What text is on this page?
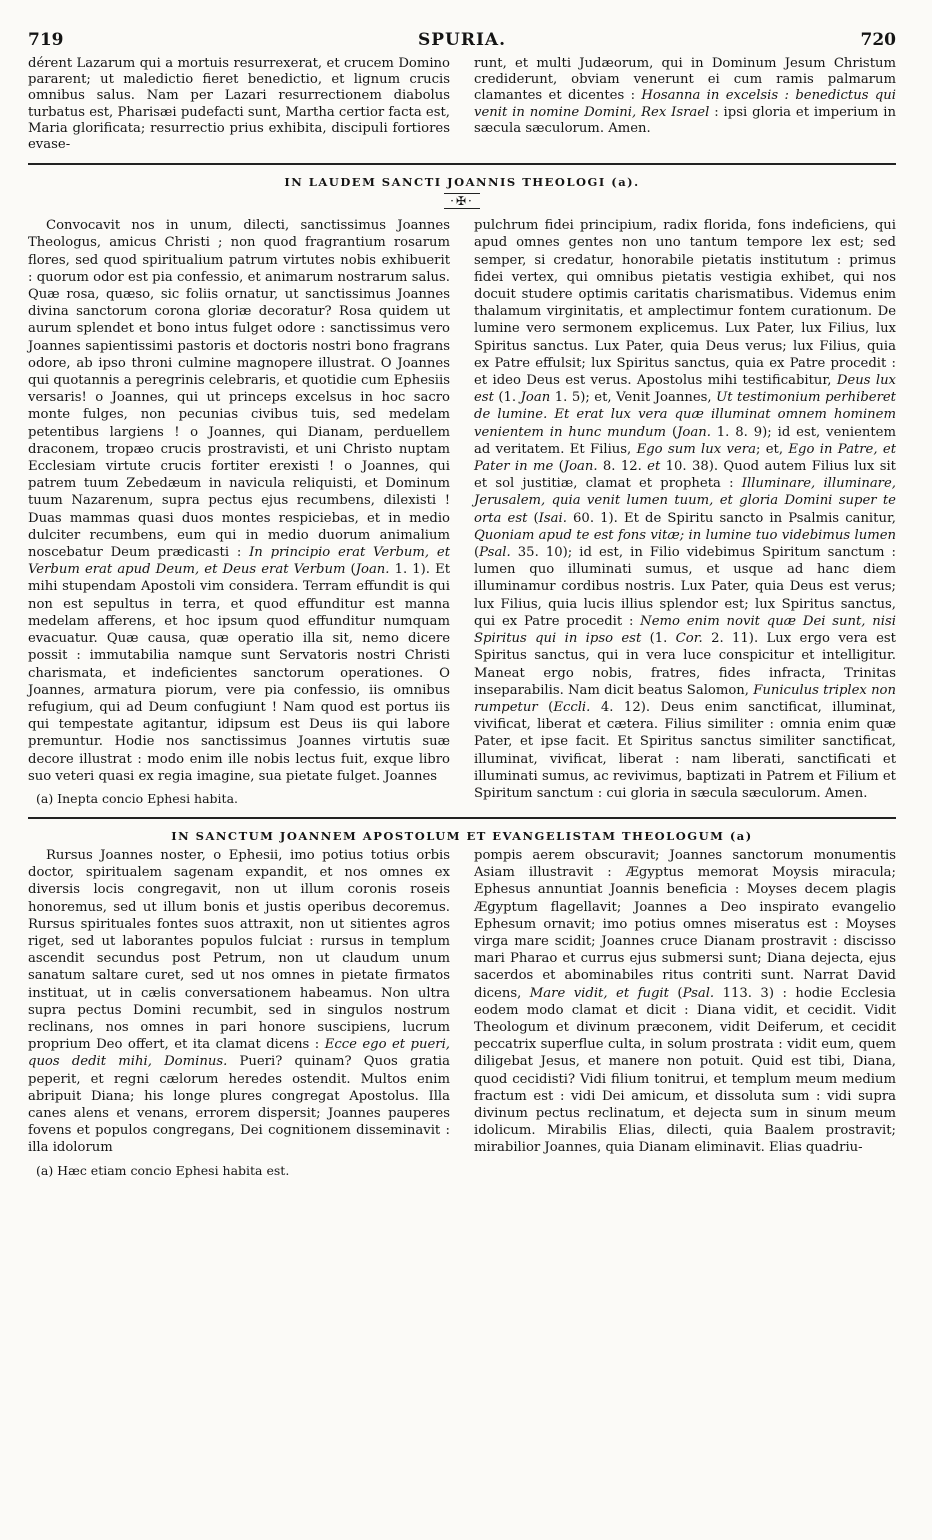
719	SPURIA.	720

dérent Lazarum qui a mortuis resurrexerat, et crucem Domino pararent; ut maledictio fieret benedictio, et lignum crucis omnibus salus. Nam per Lazari resurrectionem diabolus turbatus est, Pharisæi pudefacti sunt, Martha certior facta est, Maria glorificata; resurrectio prius exhibita, discipuli fortiores evase-

runt, et multi Judæorum, qui in Dominum Jesum Christum crediderunt, obviam venerunt ei cum ramis palmarum clamantes et dicentes : Hosanna in excelsis : benedictus qui venit in nomine Domini, Rex Israel : ipsi gloria et imperium in sæcula sæculorum. Amen.

IN LAUDEM SANCTI JOANNIS THEOLOGI (a).
·✠·

Convocavit nos in unum, dilecti, sanctissimus Joannes Theologus, amicus Christi ; non quod fragrantium rosarum flores, sed quod spiritualium patrum virtutes nobis exhibuerit : quorum odor est pia confessio, et animarum nostrarum salus. Quæ rosa, quæso, sic foliis ornatur, ut sanctissimus Joannes divina sanctorum corona gloriæ decoratur? Rosa quidem ut aurum splendet et bono intus fulget odore : sanctissimus vero Joannes sapientissimi pastoris et doctoris nostri bono fragrans odore, ab ipso throni culmine magnopere illustrat. O Joannes qui quotannis a peregrinis celebraris, et quotidie cum Ephesiis versaris! o Joannes, qui ut princeps excelsus in hoc sacro monte fulges, non pecunias civibus tuis, sed medelam petentibus largiens ! o Joannes, qui Dianam, perduellem draconem, tropæo crucis prostravisti, et uni Christo nuptam Ecclesiam virtute crucis fortiter erexisti ! o Joannes, qui patrem tuum Zebedæum in navicula reliquisti, et Dominum tuum Nazarenum, supra pectus ejus recumbens, dilexisti ! Duas mammas quasi duos montes respiciebas, et in medio dulciter recumbens, eum qui in medio duorum animalium noscebatur Deum prædicasti : In principio erat Verbum, et Verbum erat apud Deum, et Deus erat Verbum (Joan. 1. 1). Et mihi stupendam Apostoli vim considera. Terram effundit is qui non est sepultus in terra, et quod effunditur est manna medelam afferens, et hoc ipsum quod effunditur numquam evacuatur. Quæ causa, quæ operatio illa sit, nemo dicere possit : immutabilia namque sunt Servatoris nostri Christi charismata, et indeficientes sanctorum operationes. O Joannes, armatura piorum, vere pia confessio, iis omnibus refugium, qui ad Deum confugiunt ! Nam quod est portus iis qui tempestate agitantur, idipsum est Deus iis qui labore premuntur. Hodie nos sanctissimus Joannes virtutis suæ decore illustrat : modo enim ille nobis lectus fuit, exque libro suo veteri quasi ex regia imagine, sua pietate fulget. Joannes

(a) Inepta concio Ephesi habita.

pulchrum fidei principium, radix florida, fons indeficiens, qui apud omnes gentes non uno tantum tempore lex est; sed semper, si credatur, honorabile pietatis institutum : primus fidei vertex, qui omnibus pietatis vestigia exhibet, qui nos docuit studere optimis caritatis charismatibus. Videmus enim thalamum virginitatis, et amplectimur fontem curationum. De lumine vero sermonem explicemus. Lux Pater, lux Filius, lux Spiritus sanctus. Lux Pater, quia Deus verus; lux Filius, quia ex Patre effulsit; lux Spiritus sanctus, quia ex Patre procedit : et ideo Deus est verus. Apostolus mihi testificabitur, Deus lux est (1. Joan 1. 5); et, Venit Joannes, Ut testimonium perhiberet de lumine. Et erat lux vera quæ illuminat omnem hominem venientem in hunc mundum (Joan. 1. 8. 9); id est, venientem ad veritatem. Et Filius, Ego sum lux vera; et, Ego in Patre, et Pater in me (Joan. 8. 12. et 10. 38). Quod autem Filius lux sit et sol justitiæ, clamat et propheta : Illuminare, illuminare, Jerusalem, quia venit lumen tuum, et gloria Domini super te orta est (Isai. 60. 1). Et de Spiritu sancto in Psalmis canitur, Quoniam apud te est fons vitæ; in lumine tuo videbimus lumen (Psal. 35. 10); id est, in Filio videbimus Spiritum sanctum : lumen quo illuminati sumus, et usque ad hanc diem illuminamur cordibus nostris. Lux Pater, quia Deus est verus; lux Filius, quia lucis illius splendor est; lux Spiritus sanctus, qui ex Patre procedit : Nemo enim novit quæ Dei sunt, nisi Spiritus qui in ipso est (1. Cor. 2. 11). Lux ergo vera est Spiritus sanctus, qui in vera luce conspicitur et intelligitur. Maneat ergo nobis, fratres, fides infracta, Trinitas inseparabilis. Nam dicit beatus Salomon, Funiculus triplex non rumpetur (Eccli. 4. 12). Deus enim sanctificat, illuminat, vivificat, liberat et cætera. Filius similiter : omnia enim quæ Pater, et ipse facit. Et Spiritus sanctus similiter sanctificat, illuminat, vivificat, liberat : nam liberati, sanctificati et illuminati sumus, ac revivimus, baptizati in Patrem et Filium et Spiritum sanctum : cui gloria in sæcula sæculorum. Amen.

IN SANCTUM JOANNEM APOSTOLUM ET EVANGELISTAM THEOLOGUM (a)

Rursus Joannes noster, o Ephesii, imo potius totius orbis doctor, spiritualem sagenam expandit, et nos omnes ex diversis locis congregavit, non ut illum coronis roseis honoremus, sed ut illum bonis et justis operibus decoremus. Rursus spirituales fontes suos attraxit, non ut sitientes agros riget, sed ut laborantes populos fulciat : rursus in templum ascendit secundus post Petrum, non ut claudum unum sanatum saltare curet, sed ut nos omnes in pietate firmatos instituat, ut in cælis conversationem habeamus. Non ultra supra pectus Domini recumbit, sed in singulos nostrum reclinans, nos omnes in pari honore suscipiens, lucrum proprium Deo offert, et ita clamat dicens : Ecce ego et pueri, quos dedit mihi, Dominus. Pueri? quinam? Quos gratia peperit, et regni cælorum heredes ostendit. Multos enim abripuit Diana; his longe plures congregat Apostolus. Illa canes alens et venans, errorem dispersit; Joannes pauperes fovens et populos congregans, Dei cognitionem disseminavit : illa idolorum

(a) Hæc etiam concio Ephesi habita est.

pompis aerem obscuravit; Joannes sanctorum monumentis Asiam illustravit : Ægyptus memorat Moysis miracula; Ephesus annuntiat Joannis beneficia : Moyses decem plagis Ægyptum flagellavit; Joannes a Deo inspirato evangelio Ephesum ornavit; imo potius omnes miseratus est : Moyses virga mare scidit; Joannes cruce Dianam prostravit : discisso mari Pharao et currus ejus submersi sunt; Diana dejecta, ejus sacerdos et abominabiles ritus contriti sunt. Narrat David dicens, Mare vidit, et fugit (Psal. 113. 3) : hodie Ecclesia eodem modo clamat et dicit : Diana vidit, et cecidit. Vidit Theologum et divinum præconem, vidit Deiferum, et cecidit peccatrix superflue culta, in solum prostrata : vidit eum, quem diligebat Jesus, et manere non potuit. Quid est tibi, Diana, quod cecidisti? Vidi filium tonitrui, et templum meum medium fractum est : vidi Dei amicum, et dissoluta sum : vidi supra divinum pectus reclinatum, et dejecta sum in sinum meum idolicum. Mirabilis Elias, dilecti, quia Baalem prostravit; mirabilior Joannes, quia Dianam eliminavit. Elias quadriu-
